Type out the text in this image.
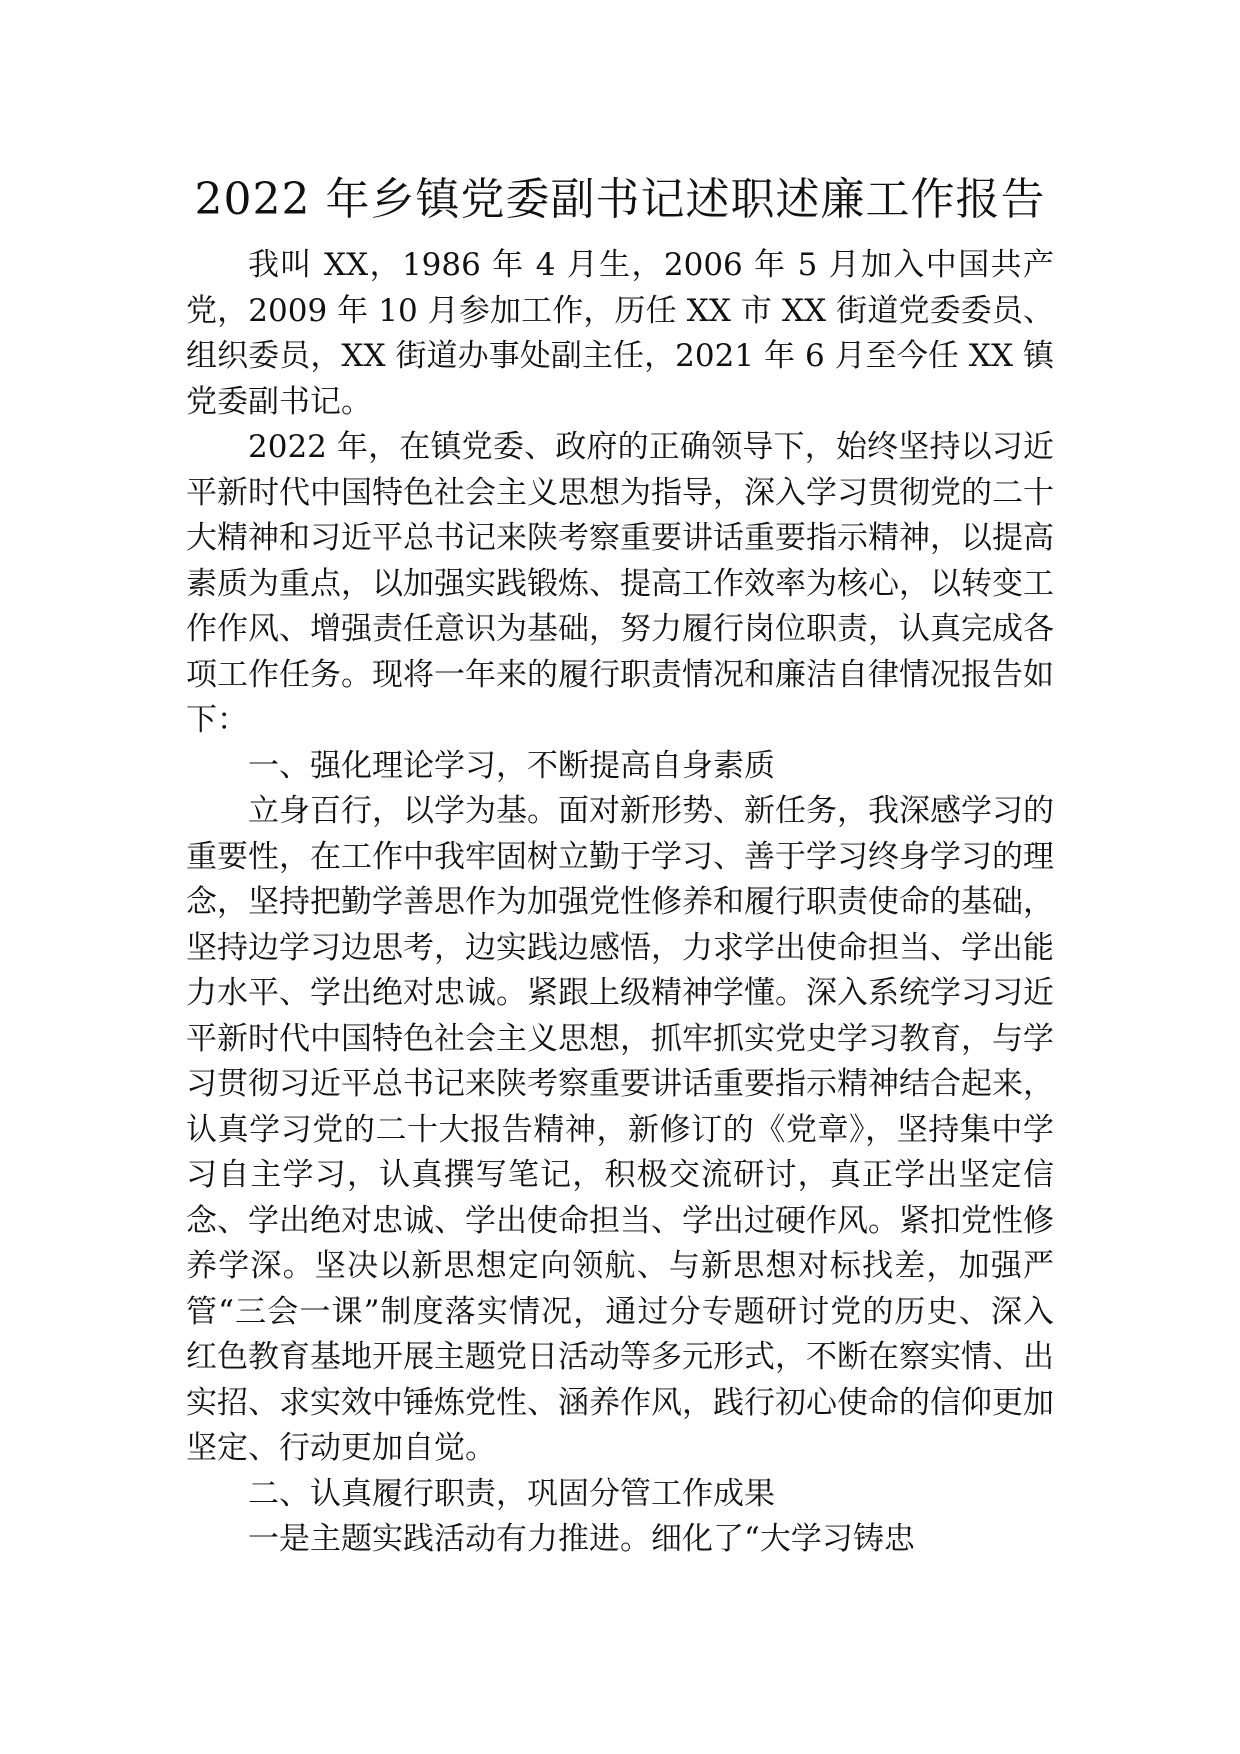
2022 年乡镇党委副书记述职述廉工作报告

我叫 XX，1986 年 4 月生，2006 年 5 月加入中国共产党，2009 年 10 月参加工作，历任 XX 市 XX 街道党委委员、组织委员，XX 街道办事处副主任，2021 年 6 月至今任 XX 镇党委副书记。

2022 年，在镇党委、政府的正确领导下，始终坚持以习近平新时代中国特色社会主义思想为指导，深入学习贯彻党的二十大精神和习近平总书记来陕考察重要讲话重要指示精神，以提高素质为重点，以加强实践锻炼、提高工作效率为核心，以转变工作作风、增强责任意识为基础，努力履行岗位职责，认真完成各项工作任务。现将一年来的履行职责情况和廉洁自律情况报告如下：

一、强化理论学习，不断提高自身素质

立身百行，以学为基。面对新形势、新任务，我深感学习的重要性，在工作中我牢固树立勤于学习、善于学习终身学习的理念，坚持把勤学善思作为加强党性修养和履行职责使命的基础，坚持边学习边思考，边实践边感悟，力求学出使命担当、学出能力水平、学出绝对忠诚。紧跟上级精神学懂。深入系统学习习近平新时代中国特色社会主义思想，抓牢抓实党史学习教育，与学习贯彻习近平总书记来陕考察重要讲话重要指示精神结合起来，认真学习党的二十大报告精神，新修订的《党章》，坚持集中学习自主学习，认真撰写笔记，积极交流研讨，真正学出坚定信念、学出绝对忠诚、学出使命担当、学出过硬作风。紧扣党性修养学深。坚决以新思想定向领航、与新思想对标找差，加强严管“三会一课”制度落实情况，通过分专题研讨党的历史、深入红色教育基地开展主题党日活动等多元形式，不断在察实情、出实招、求实效中锤炼党性、涵养作风，践行初心使命的信仰更加坚定、行动更加自觉。

二、认真履行职责，巩固分管工作成果

一是主题实践活动有力推进。细化了“大学习铸忠
